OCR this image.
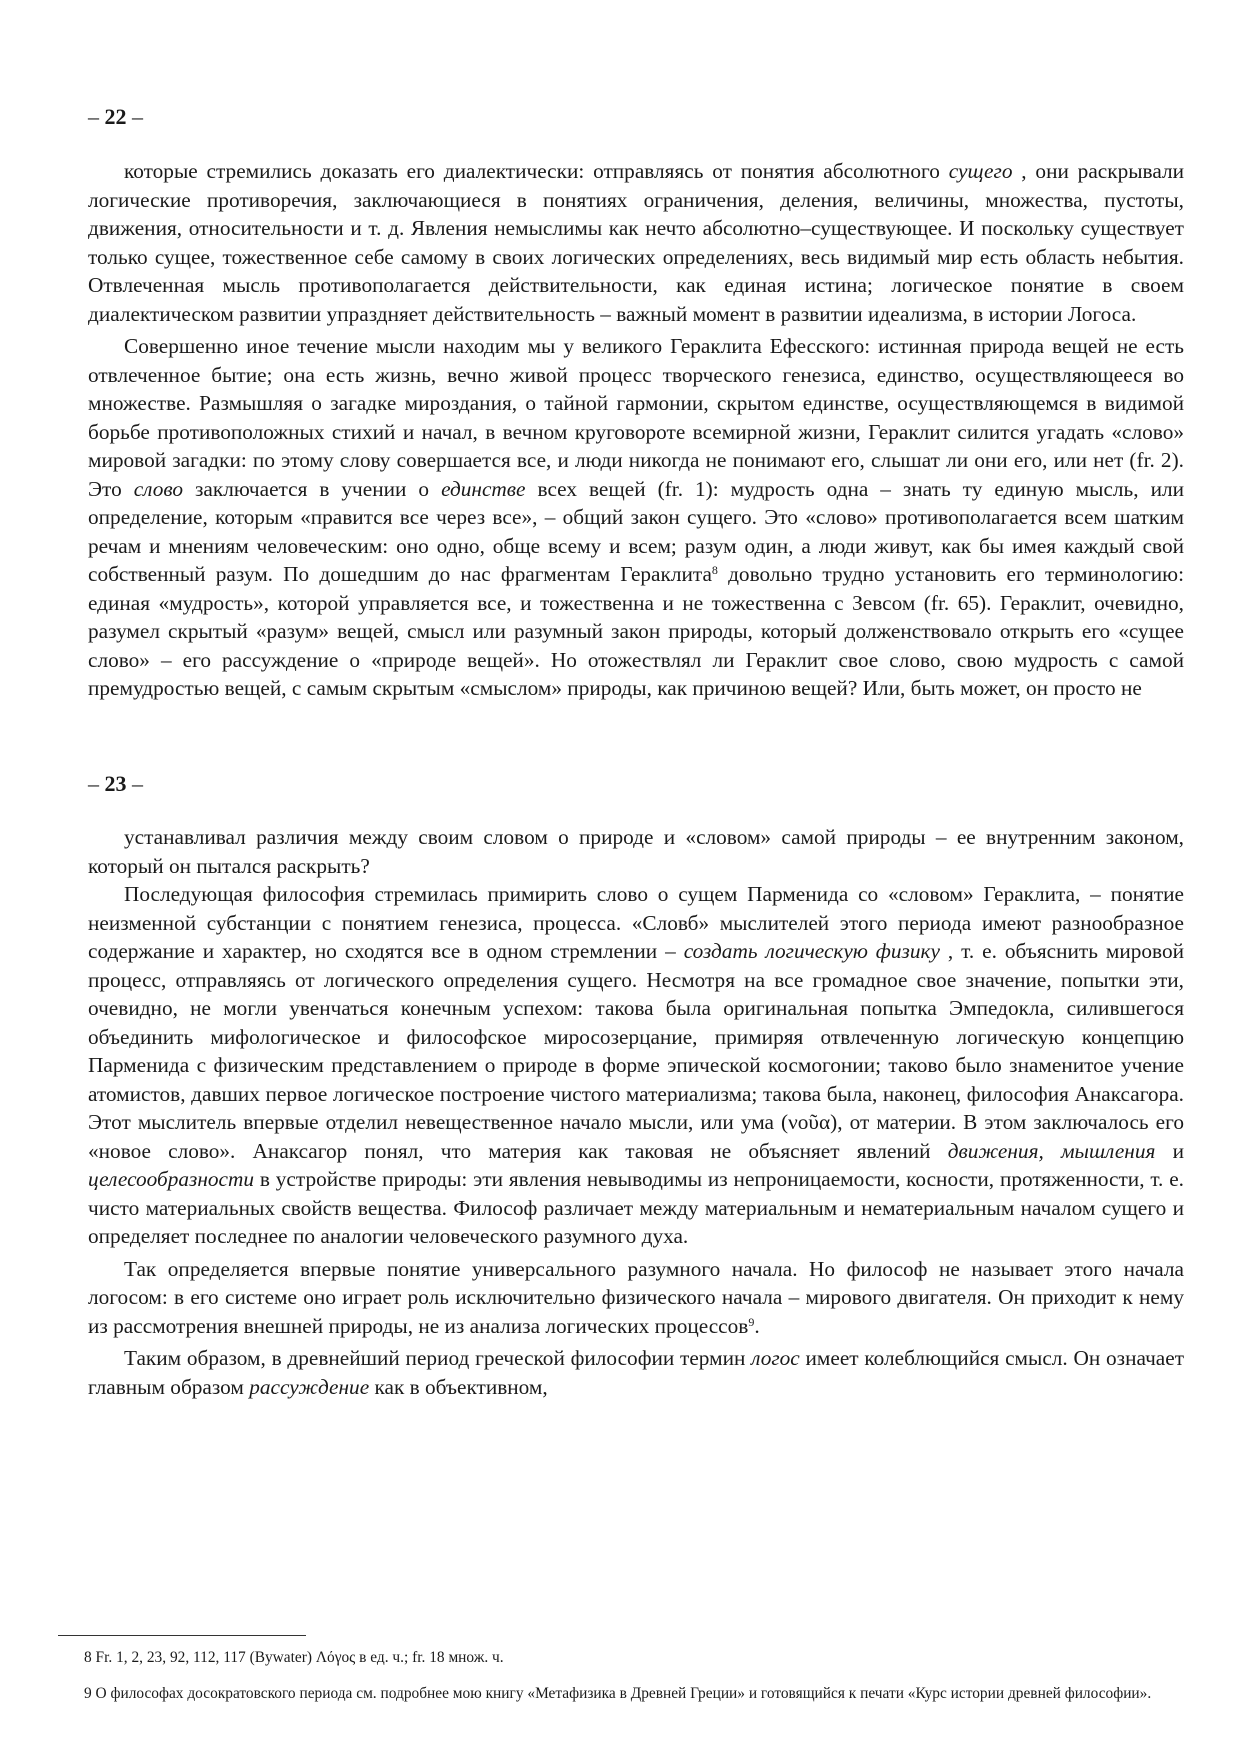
– 22 –

которые стремились доказать его диалектически: отправляясь от понятия абсолютного сущего , они раскрывали логические противоречия, заключающиеся в понятиях ограничения, деления, величины, множества, пустоты, движения, относительности и т. д. Явления немыслимы как нечто абсолютно–существующее. И поскольку существует только сущее, тожественное себе самому в своих логических определениях, весь видимый мир есть область небытия. Отвлеченная мысль противополагается действительности, как единая истина; логическое понятие в своем диалектическом развитии упраздняет действительность – важный момент в развитии идеализма, в истории Логоса.

Совершенно иное течение мысли находим мы у великого Гераклита Ефесского: истинная природа вещей не есть отвлеченное бытие; она есть жизнь, вечно живой процесс творческого генезиса, единство, осуществляющееся во множестве. Размышляя о загадке мироздания, о тайной гармонии, скрытом единстве, осуществляющемся в видимой борьбе противоположных стихий и начал, в вечном круговороте всемирной жизни, Гераклит силится угадать «слово» мировой загадки: по этому слову совершается все, и люди никогда не понимают его, слышат ли они его, или нет (fr. 2). Это слово заключается в учении о единстве всех вещей (fr. 1): мудрость одна – знать ту единую мысль, или определение, которым «правится все через все», – общий закон сущего. Это «слово» противополагается всем шатким речам и мнениям человеческим: оно одно, обще всему и всем; разум один, а люди живут, как бы имея каждый свой собственный разум. По дошедшим до нас фрагментам Гераклита$^8$ довольно трудно установить его терминологию: единая «мудрость», которой управляется все, и тожественна и не тожественна с Зевсом (fr. 65). Гераклит, очевидно, разумел скрытый «разум» вещей, смысл или разумный закон природы, который долженствовало открыть его «сущее слово» – его рассуждение о «природе вещей». Но отожествлял ли Гераклит свое слово, свою мудрость с самой премудростью вещей, с самым скрытым «смыслом» природы, как причиною вещей? Или, быть может, он просто не

– 23 –

устанавливал различия между своим словом о природе и «словом» самой природы – ее внутренним законом, который он пытался раскрыть?

Последующая философия стремилась примирить слово о сущем Парменида со «словом» Гераклита, – понятие неизменной субстанции с понятием генезиса, процесса. «Словб» мыслителей этого периода имеют разнообразное содержание и характер, но сходятся все в одном стремлении – создать логическую физику , т. е. объяснить мировой процесс, отправляясь от логического определения сущего. Несмотря на все громадное свое значение, попытки эти, очевидно, не могли увенчаться конечным успехом: такова была оригинальная попытка Эмпедокла, силившегося объединить мифологическое и философское миросозерцание, примиряя отвлеченную логическую концепцию Парменида с физическим представлением о природе в форме эпической космогонии; таково было знаменитое учение атомистов, давших первое логическое построение чистого материализма; такова была, наконец, философия Анаксагора. Этот мыслитель впервые отделил невещественное начало мысли, или ума (νοῦα), от материи. В этом заключалось его «новое слово». Анаксагор понял, что материя как таковая не объясняет явлений движения, мышления и целесообразности в устройстве природы: эти явления невыводимы из непроницаемости, косности, протяженности, т. е. чисто материальных свойств вещества. Философ различает между материальным и нематериальным началом сущего и определяет последнее по аналогии человеческого разумного духа.

Так определяется впервые понятие универсального разумного начала. Но философ не называет этого начала логосом: в его системе оно играет роль исключительно физического начала – мирового двигателя. Он приходит к нему из рассмотрения внешней природы, не из анализа логических процессов$^9$.

Таким образом, в древнейший период греческой философии термин логос имеет колеблющийся смысл. Он означает главным образом рассуждение как в объективном,

8 Fr. 1, 2, 23, 92, 112, 117 (Bywater) Λόγος в ед. ч.; fr. 18 множ. ч.
9 О философах досократовского периода см. подробнее мою книгу «Метафизика в Древней Греции» и готовящийся к печати «Курс истории древней философии».
